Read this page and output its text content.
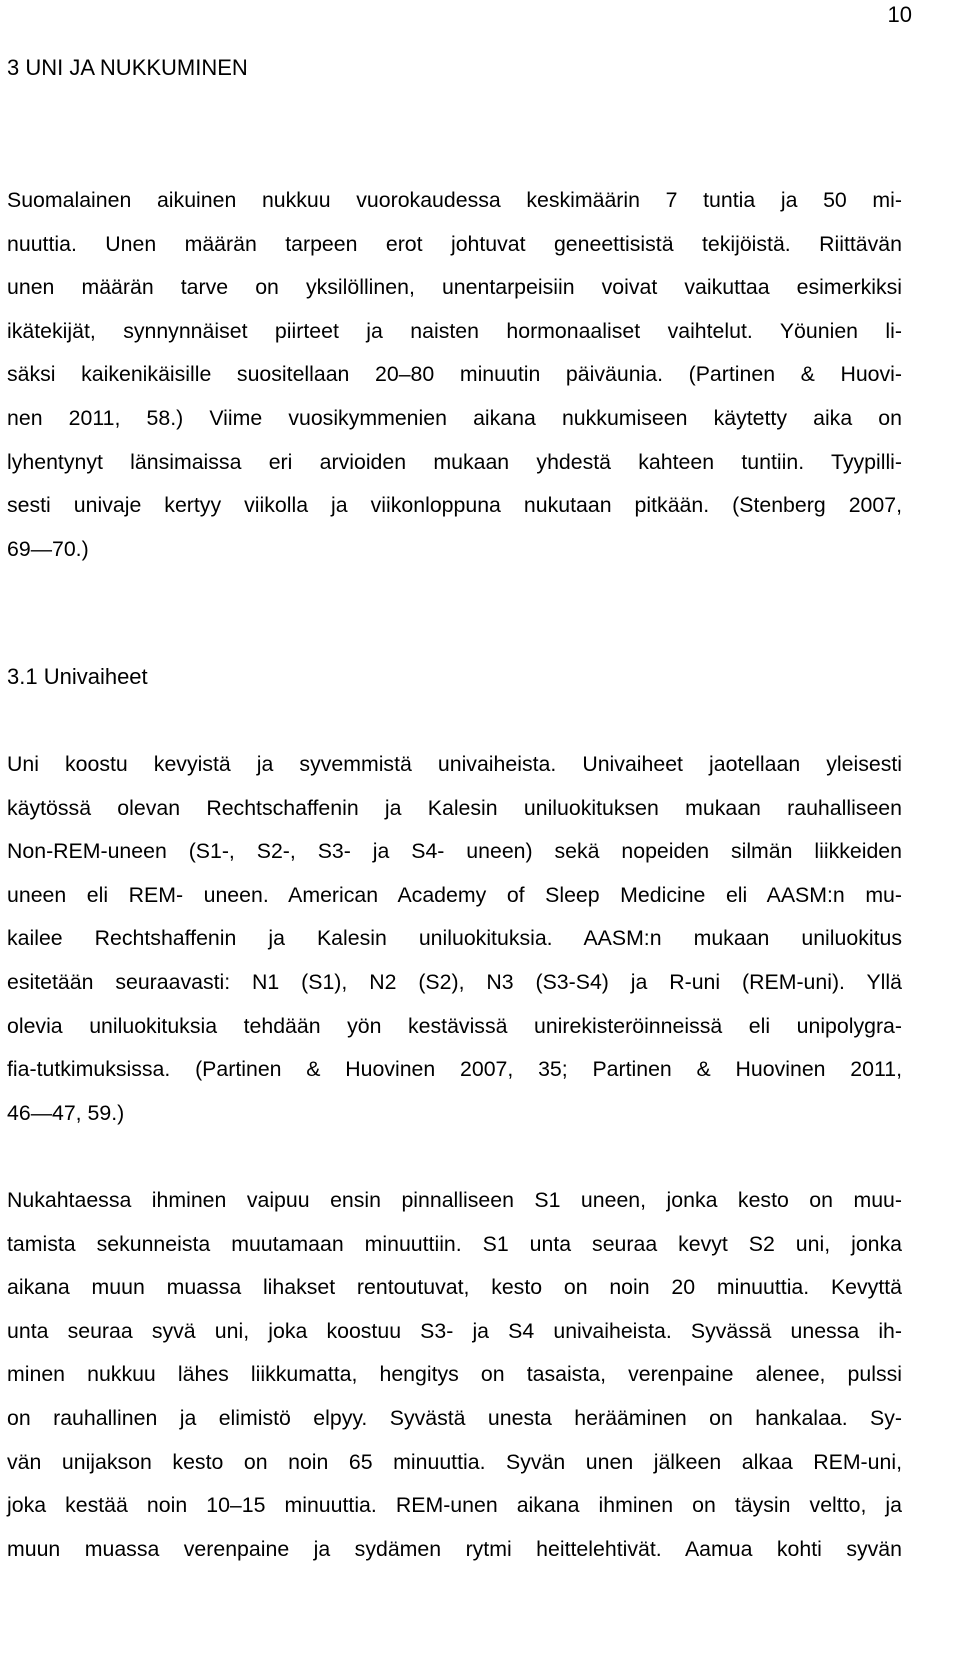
10
3 UNI JA NUKKUMINEN
Suomalainen aikuinen nukkuu vuorokaudessa keskimäärin 7 tuntia ja 50 mi-
nuuttia. Unen määrän tarpeen erot johtuvat geneettisistä tekijöistä. Riittävän
unen määrän tarve on yksilöllinen, unentarpeisiin voivat vaikuttaa esimerkiksi
ikätekijät, synnynnäiset piirteet ja naisten hormonaaliset vaihtelut. Yöunien li-
säksi kaikenikäisille suositellaan 20–80 minuutin päiväunia. (Partinen & Huovi-
nen 2011, 58.) Viime vuosikymmenien aikana nukkumiseen käytetty aika on
lyhentynyt länsimaissa eri arvioiden mukaan yhdestä kahteen tuntiin. Tyypilli-
sesti univaje kertyy viikolla ja viikonloppuna nukutaan pitkään. (Stenberg 2007,
69—70.)
3.1 Univaiheet
Uni koostu kevyistä ja syvemmistä univaiheista. Univaiheet jaotellaan yleisesti
käytössä olevan Rechtschaffenin ja Kalesin uniluokituksen mukaan rauhalliseen
Non-REM-uneen (S1-, S2-, S3- ja S4- uneen) sekä nopeiden silmän liikkeiden
uneen eli REM- uneen. American Academy of Sleep Medicine eli AASM:n mu-
kailee Rechtshaffenin ja Kalesin uniluokituksia. AASM:n mukaan uniluokitus
esitetään seuraavasti: N1 (S1), N2 (S2), N3 (S3-S4) ja R-uni (REM-uni). Yllä
olevia uniluokituksia tehdään yön kestävissä unirekisteröinneissä eli unipolygra-
fia-tutkimuksissa. (Partinen & Huovinen 2007, 35; Partinen & Huovinen 2011,
46—47, 59.)
Nukahtaessa ihminen vaipuu ensin pinnalliseen S1 uneen, jonka kesto on muu-
tamista sekunneista muutamaan minuuttiin. S1 unta seuraa kevyt S2 uni, jonka
aikana muun muassa lihakset rentoutuvat, kesto on noin 20 minuuttia. Kevyttä
unta seuraa syvä uni, joka koostuu S3- ja S4 univaiheista. Syvässä unessa ih-
minen nukkuu lähes liikkumatta, hengitys on tasaista, verenpaine alenee, pulssi
on rauhallinen ja elimistö elpyy. Syvästä unesta herääminen on hankalaa. Sy-
vän unijakson kesto on noin 65 minuuttia. Syvän unen jälkeen alkaa REM-uni,
joka kestää noin 10–15 minuuttia. REM-unen aikana ihminen on täysin veltto, ja
muun muassa verenpaine ja sydämen rytmi heittelehtivät. Aamua kohti syvän
